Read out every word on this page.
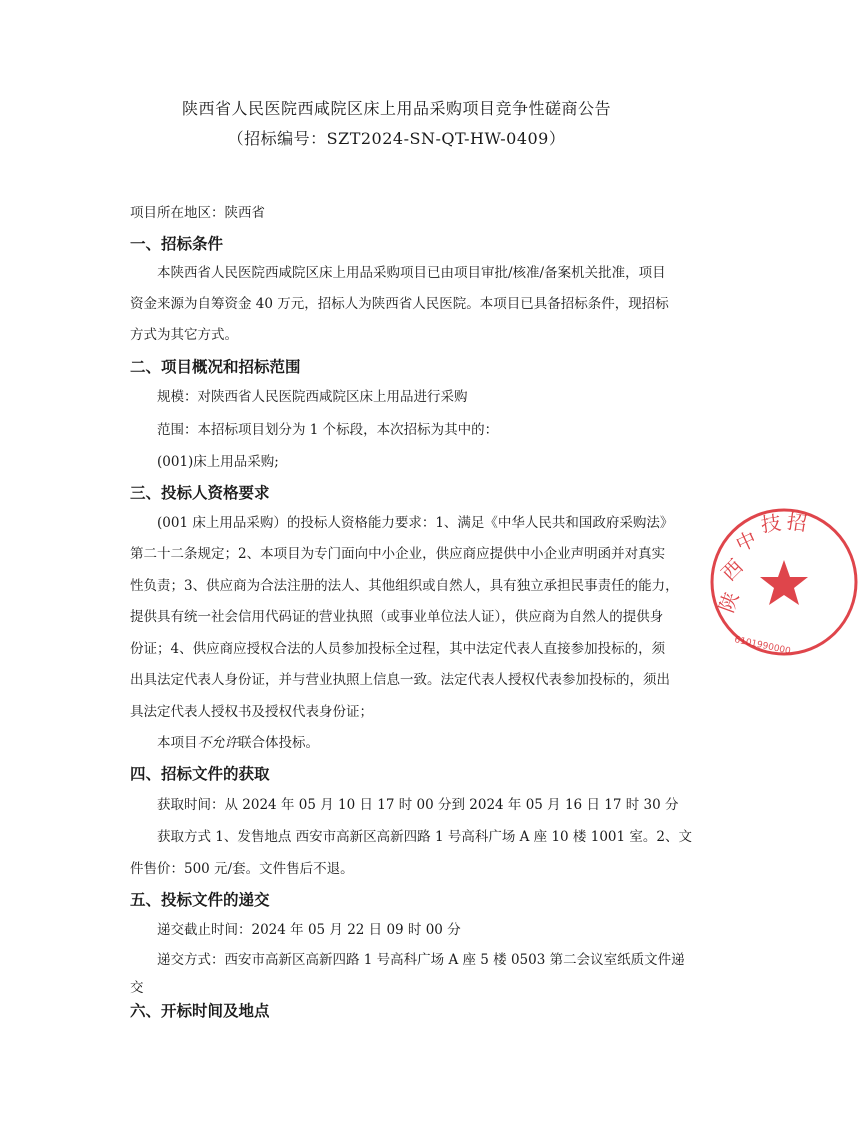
陕西省人民医院西咸院区床上用品采购项目竞争性磋商公告
（招标编号：SZT2024-SN-QT-HW-0409）
项目所在地区：陕西省
一、招标条件
本陕西省人民医院西咸院区床上用品采购项目已由项目审批/核准/备案机关批准，项目
资金来源为自筹资金 40 万元，招标人为陕西省人民医院。本项目已具备招标条件，现招标
方式为其它方式。
二、项目概况和招标范围
规模：对陕西省人民医院西咸院区床上用品进行采购
范围：本招标项目划分为 1 个标段，本次招标为其中的：
(001)床上用品采购;
三、投标人资格要求
(001 床上用品采购）的投标人资格能力要求：1、满足《中华人民共和国政府采购法》
第二十二条规定；2、本项目为专门面向中小企业，供应商应提供中小企业声明函并对真实
性负责；3、供应商为合法注册的法人、其他组织或自然人，具有独立承担民事责任的能力，
提供具有统一社会信用代码证的营业执照（或事业单位法人证），供应商为自然人的提供身
份证；4、供应商应授权合法的人员参加投标全过程，其中法定代表人直接参加投标的，须
出具法定代表人身份证，并与营业执照上信息一致。法定代表人授权代表参加投标的，须出
具法定代表人授权书及授权代表身份证；
本项目不允许联合体投标。
四、招标文件的获取
获取时间：从 2024 年 05 月 10 日 17 时 00 分到 2024 年 05 月 16 日 17 时 30 分
获取方式 1、发售地点 西安市高新区高新四路 1 号高科广场 A 座 10 楼 1001 室。2、文
件售价：500 元/套。文件售后不退。
五、投标文件的递交
递交截止时间：2024 年 05 月 22 日 09 时 00 分
递交方式：西安市高新区高新四路 1 号高科广场 A 座 5 楼 0503 第二会议室纸质文件递
交
六、开标时间及地点
陕
西
中
技 招
6101990000
